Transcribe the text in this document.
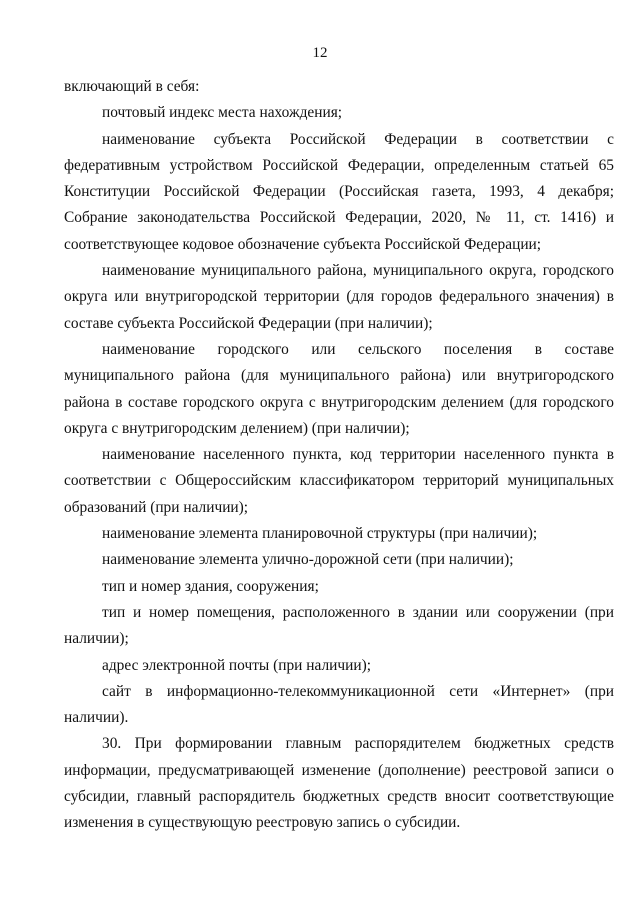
12

включающий в себя:

почтовый индекс места нахождения;

наименование субъекта Российской Федерации в соответствии с федеративным устройством Российской Федерации, определенным статьей 65 Конституции Российской Федерации (Российская газета, 1993, 4 декабря; Собрание законодательства Российской Федерации, 2020, № 11, ст. 1416) и соответствующее кодовое обозначение субъекта Российской Федерации;

наименование муниципального района, муниципального округа, городского округа или внутригородской территории (для городов федерального значения) в составе субъекта Российской Федерации (при наличии);

наименование городского или сельского поселения в составе муниципального района (для муниципального района) или внутригородского района в составе городского округа с внутригородским делением (для городского округа с внутригородским делением) (при наличии);

наименование населенного пункта, код территории населенного пункта в соответствии с Общероссийским классификатором территорий муниципальных образований (при наличии);

наименование элемента планировочной структуры (при наличии);

наименование элемента улично-дорожной сети (при наличии);

тип и номер здания, сооружения;

тип и номер помещения, расположенного в здании или сооружении (при наличии);

адрес электронной почты (при наличии);

сайт в информационно-телекоммуникационной сети «Интернет» (при наличии).

30. При формировании главным распорядителем бюджетных средств информации, предусматривающей изменение (дополнение) реестровой записи о субсидии, главный распорядитель бюджетных средств вносит соответствующие изменения в существующую реестровую запись о субсидии.
